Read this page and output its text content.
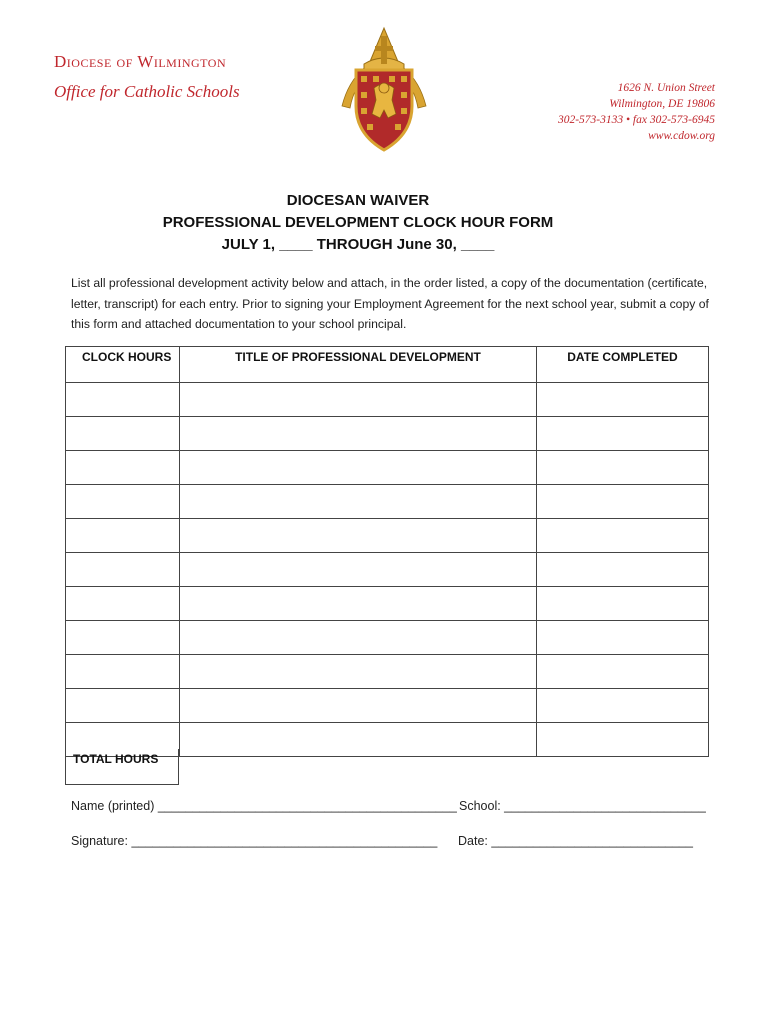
Diocese of Wilmington

Office for Catholic Schools	1626 N. Union Street
Wilmington, DE 19806
302-573-3133 • fax 302-573-6945
www.cdow.org
DIOCESAN WAIVER
PROFESSIONAL DEVELOPMENT CLOCK HOUR FORM
JULY 1, ____ THROUGH June 30, ____

List all professional development activity below and attach, in the order listed, a copy of the documentation (certificate, letter, transcript) for each entry. Prior to signing your Employment Agreement for the next school year, submit a copy of this form and attached documentation to your school principal.

CLOCK HOURS	TITLE OF PROFESSIONAL DEVELOPMENT	DATE COMPLETED

TOTAL HOURS
Name (printed) ___________________________________________ School: _____________________________
Signature: ____________________________________________ Date: _____________________________
